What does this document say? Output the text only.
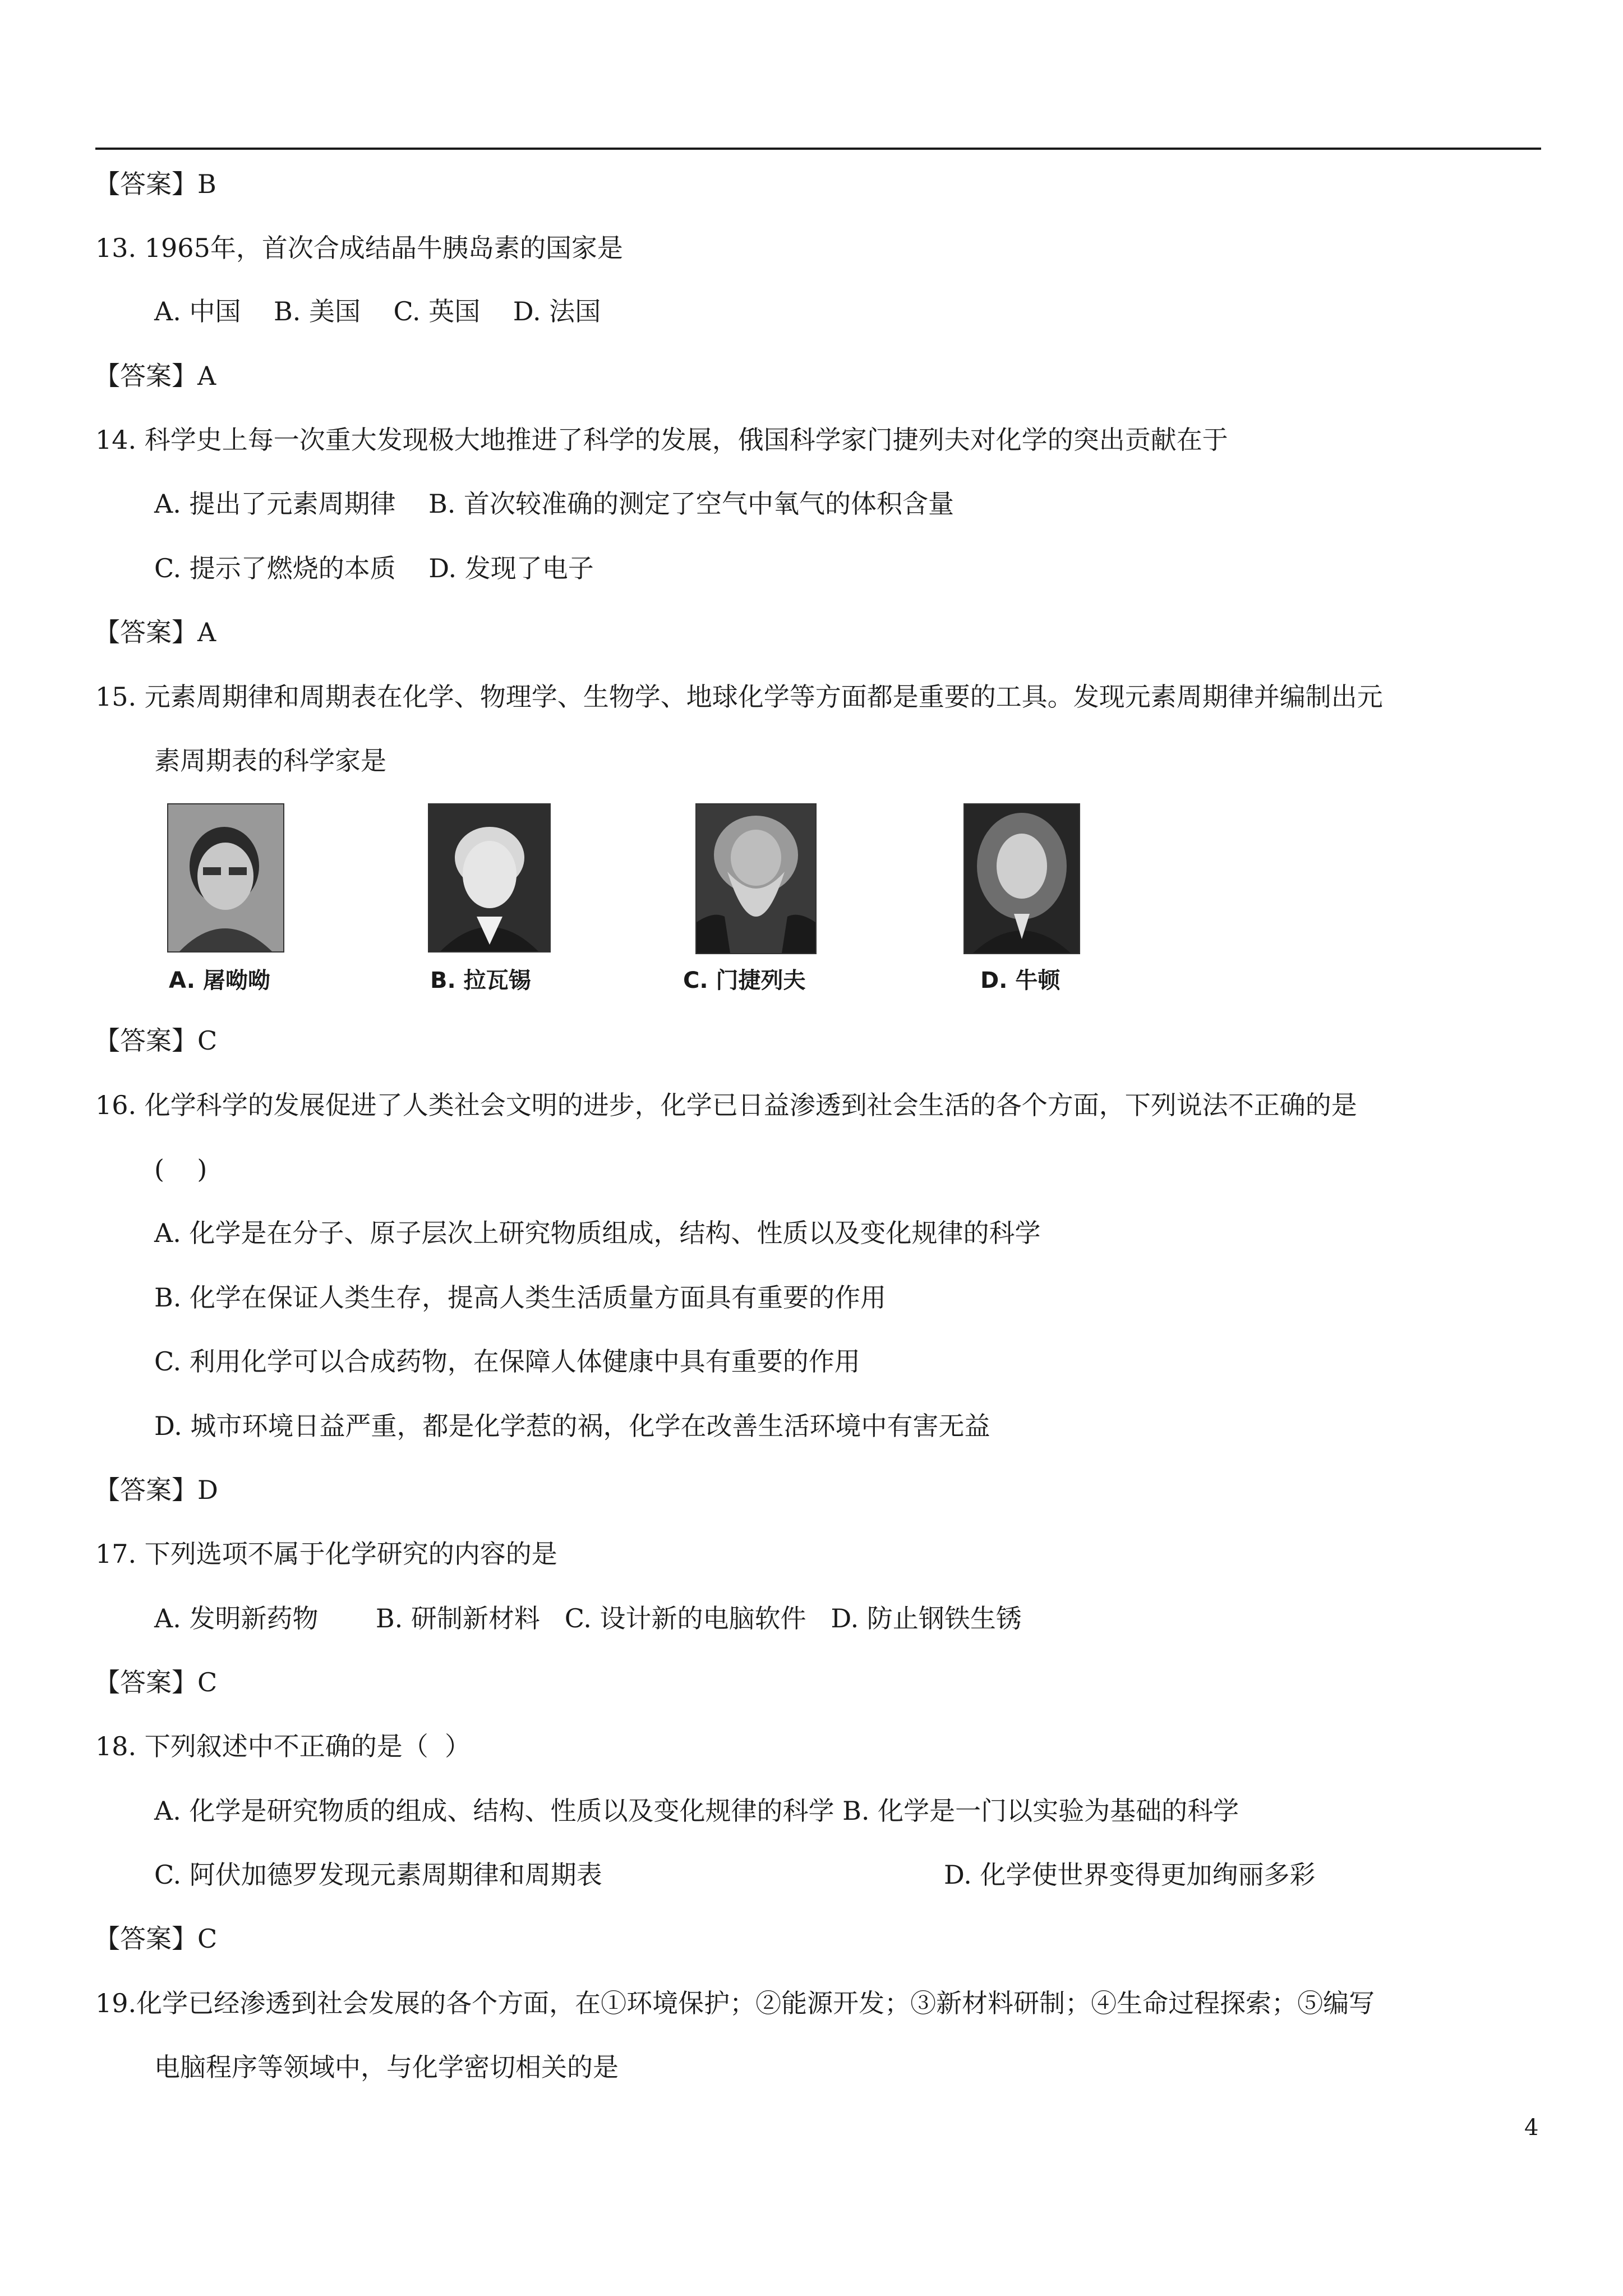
【答案】B
13. 1965年，首次合成结晶牛胰岛素的国家是
A. 中国    B. 美国    C. 英国    D. 法国
【答案】A
14. 科学史上每一次重大发现极大地推进了科学的发展，俄国科学家门捷列夫对化学的突出贡献在于
A. 提出了元素周期律    B. 首次较准确的测定了空气中氧气的体积含量
C. 提示了燃烧的本质    D. 发现了电子
【答案】A
15. 元素周期律和周期表在化学、物理学、生物学、地球化学等方面都是重要的工具。发现元素周期律并编制出元
素周期表的科学家是
A. 屠呦呦	B. 拉瓦锡	C. 门捷列夫	D. 牛顿
【答案】C
16. 化学科学的发展促进了人类社会文明的进步，化学已日益渗透到社会生活的各个方面，下列说法不正确的是
(    )
A. 化学是在分子、原子层次上研究物质组成，结构、性质以及变化规律的科学
B. 化学在保证人类生存，提高人类生活质量方面具有重要的作用
C. 利用化学可以合成药物，在保障人体健康中具有重要的作用
D. 城市环境日益严重，都是化学惹的祸，化学在改善生活环境中有害无益
【答案】D
17. 下列选项不属于化学研究的内容的是
A. 发明新药物       B. 研制新材料   C. 设计新的电脑软件   D. 防止钢铁生锈
【答案】C
18. 下列叙述中不正确的是（  ）
A. 化学是研究物质的组成、结构、性质以及变化规律的科学 B. 化学是一门以实验为基础的科学
C. 阿伏加德罗发现元素周期律和周期表	D. 化学使世界变得更加绚丽多彩
【答案】C
19.化学已经渗透到社会发展的各个方面，在①环境保护；②能源开发；③新材料研制；④生命过程探索；⑤编写
电脑程序等领域中，与化学密切相关的是
4
